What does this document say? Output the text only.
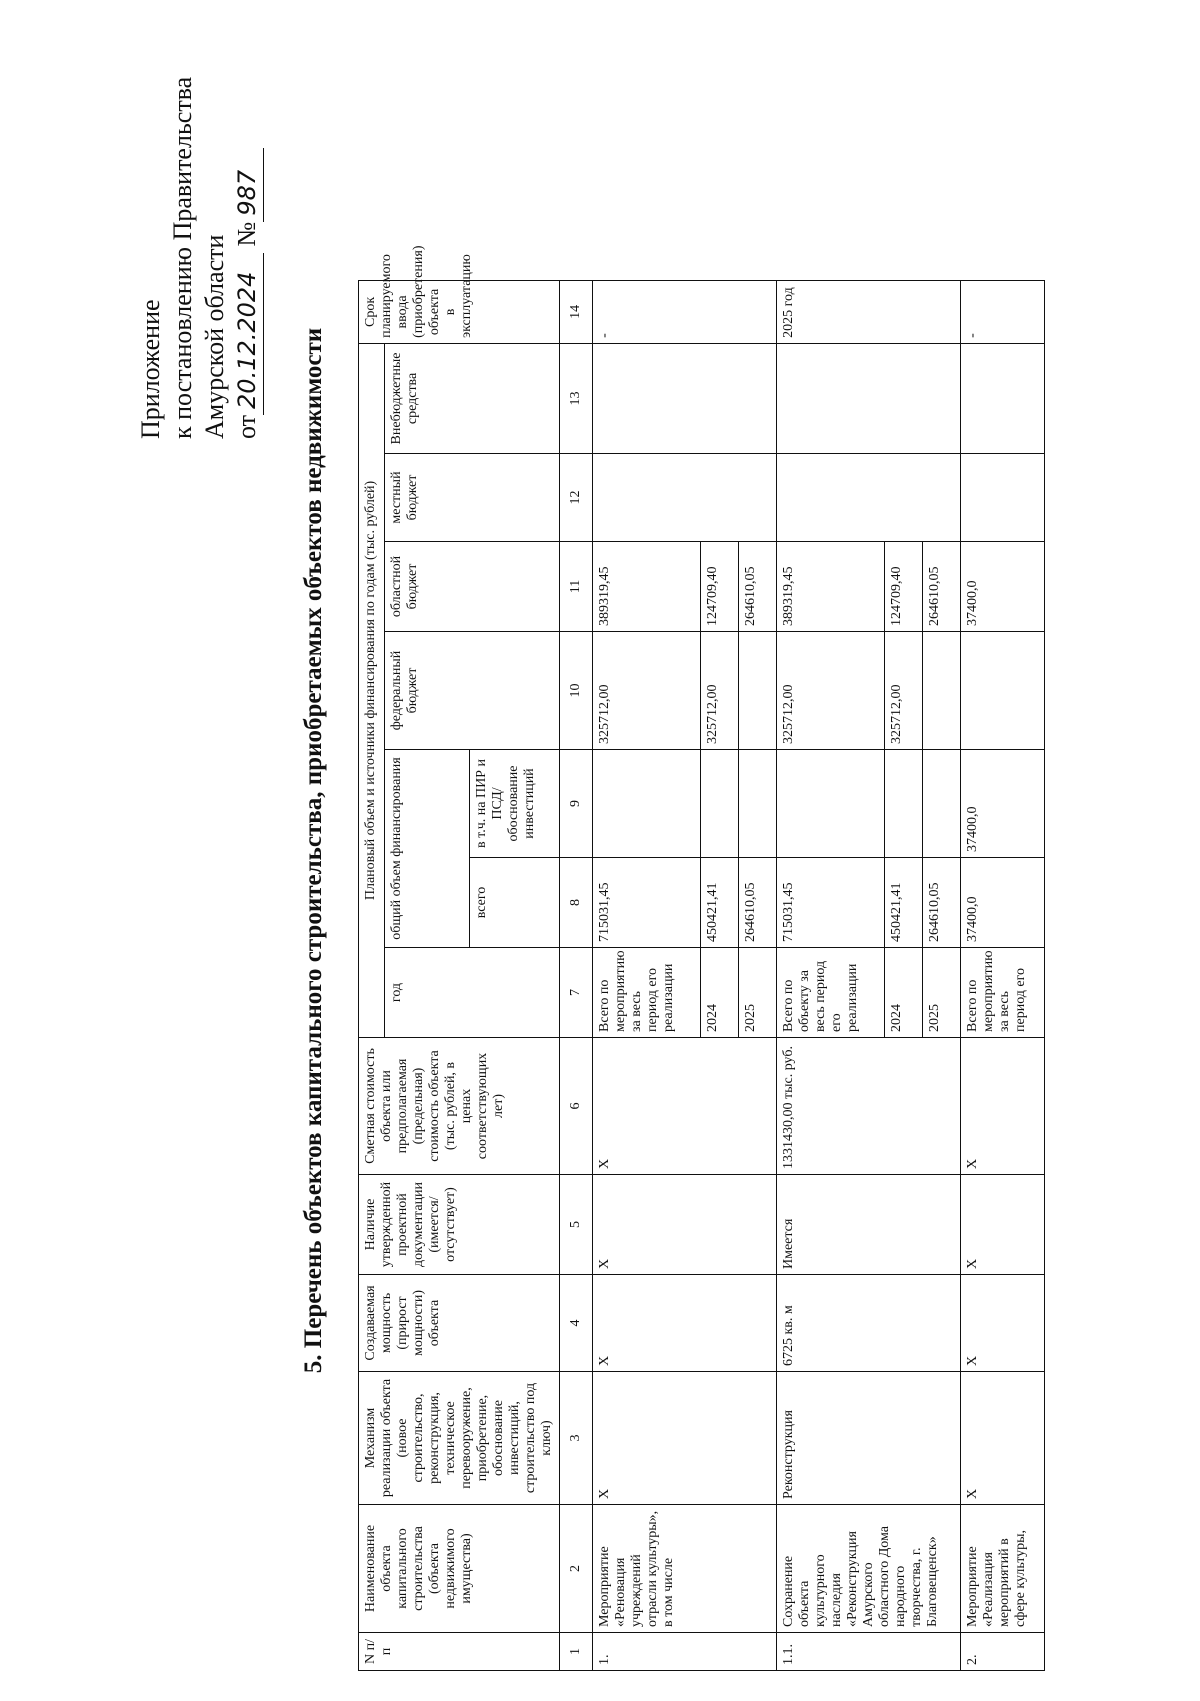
Приложение к постановлению Правительства Амурской области от20.12.2024 №987
5. Перечень объектов капитального строительства, приобретаемых объектов недвижимости
N п/п	Наименование объекта капитального строительства (объекта недвижимого имущества)	Механизм реализации объекта (новое строительство, реконструкция, техническое перевооружение, приобретение, обоснование инвестиций, строительство под ключ)	Создаваемая мощность (прирост мощности) объекта	Наличие утвержденной проектной документации (имеется/ отсутствует)	Сметная стоимость объекта или предполагаемая (предельная) стоимость объекта (тыс. рублей, в ценах соответствующих лет)	Плановый объем и источники финансирования по годам (тыс. рублей)							Срок планируемого ввода (приобретения) объекта в эксплуатацию
						год	общий объем финансирования		федеральный бюджет	областной бюджет	местный бюджет	Внебюджетные средства	
							всего	в т.ч. на ПИР и ПСД/ обоснование инвестиций					
1	2	3	4	5	6	7	8	9	10	11	12	13	14
1.	Мероприятие «Реновация учреждений отрасли культуры», в том числе	Х	Х	Х	Х	Всего по мероприятию за весь период его реализации	715031,45		325712,00	389319,45			-
						2024	450421,41		325712,00	124709,40			
						2025	264610,05			264610,05			
1.1.	Сохранение объекта культурного наследия «Реконструкция Амурского областного Дома народного творчества, г. Благовещенск»	Реконструкция	6725 кв. м	Имеется	1331430,00 тыс. руб.	Всего по объекту за весь период его реализации	715031,45		325712,00	389319,45			2025 год
						2024	450421,41		325712,00	124709,40			
						2025	264610,05			264610,05			
2.	Мероприятие «Реализация мероприятий в сфере культуры,	Х	Х	Х	Х	Всего по мероприятию за весь период его	37400,0	37400,0		37400,0			-
